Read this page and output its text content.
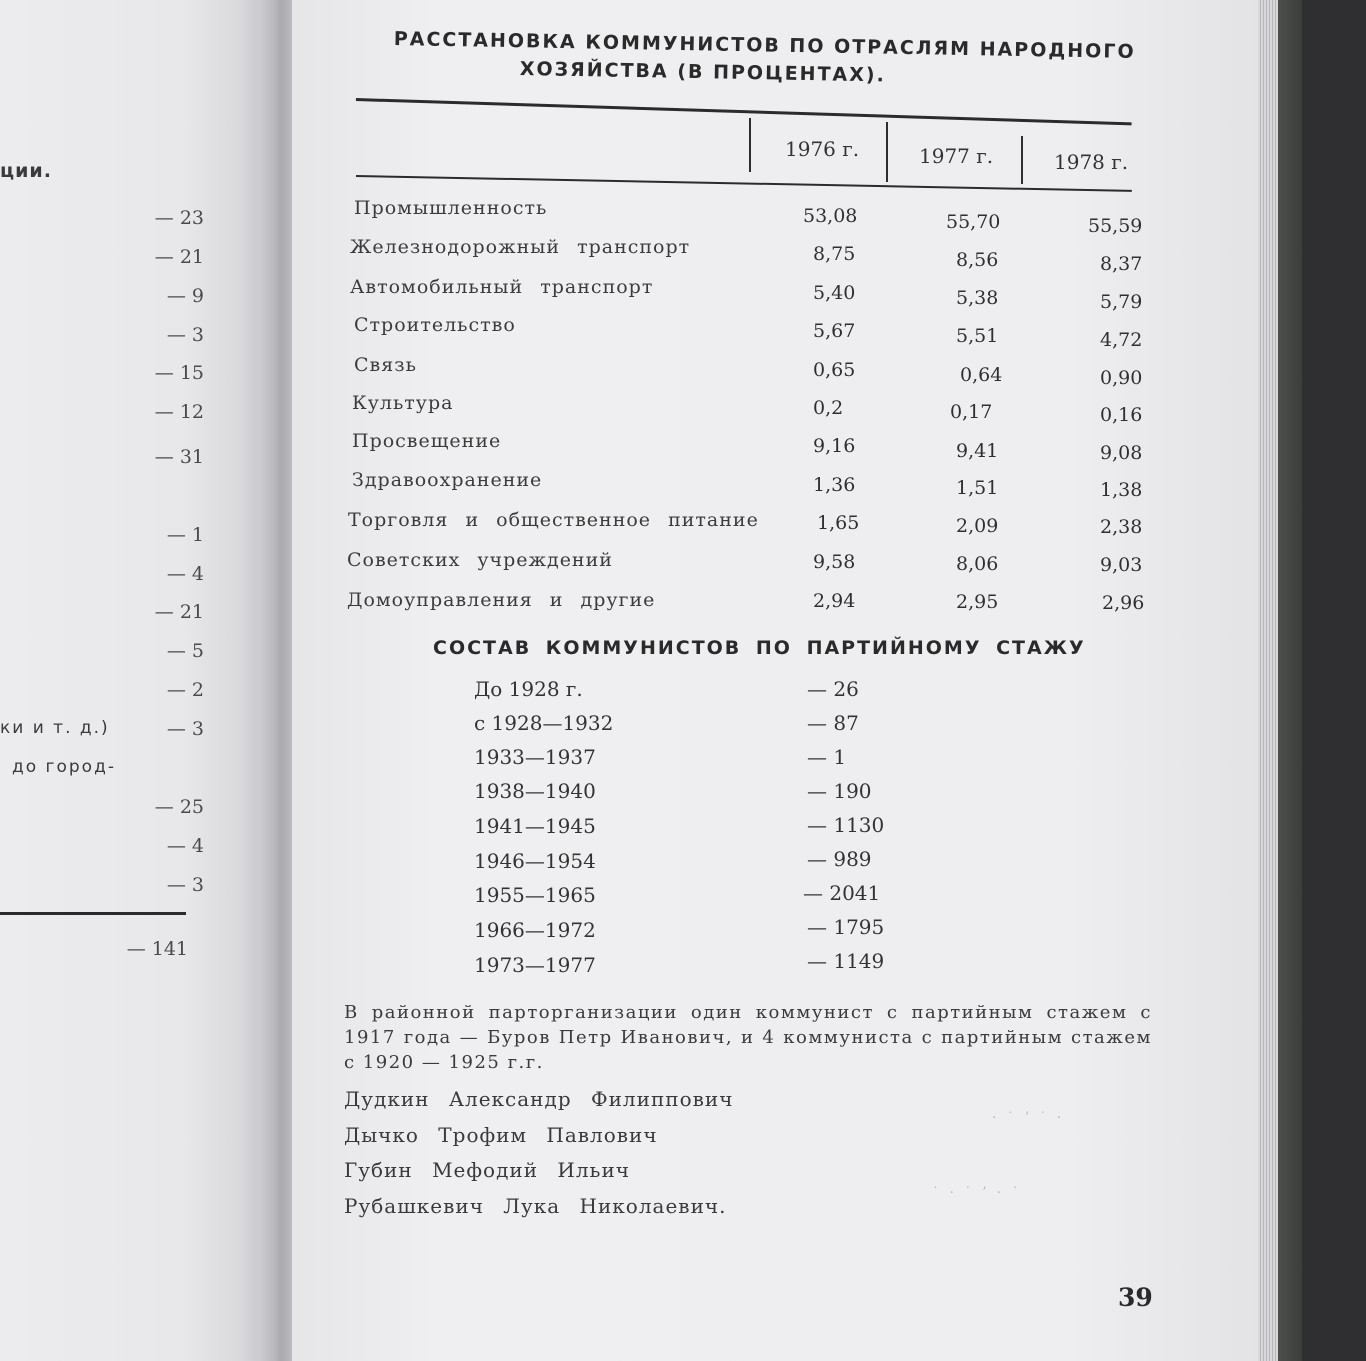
ции.
— 23
— 21
— 9
— 3
— 15
— 12
— 31
— 1
— 4
— 21
— 5
— 2
ки и т. д.)	— 3
до город-
— 25
— 4
— 3
— 141
РАССТАНОВКА КОММУНИСТОВ ПО ОТРАСЛЯМ НАРОДНОГО
ХОЗЯЙСТВА (В ПРОЦЕНТАХ).
1976 г.	1977 г.	1978 г.
Промышленность	53,08	55,70	55,59
Железнодорожный транспорт	8,75	8,56	8,37
Автомобильный транспорт	5,40	5,38	5,79
Строительство	5,67	5,51	4,72
Связь	0,65	0,64	0,90
Культура	0,2	0,17	0,16
Просвещение	9,16	9,41	9,08
Здравоохранение	1,36	1,51	1,38
Торговля и общественное питание	1,65	2,09	2,38
Советских учреждений	9,58	8,06	9,03
Домоуправления и другие	2,94	2,95	2,96
СОСТАВ КОММУНИСТОВ ПО ПАРТИЙНОМУ СТАЖУ
До 1928 г.	— 26
с 1928—1932	— 87
1933—1937	— 1
1938—1940	— 190
1941—1945	— 1130
1946—1954	— 989
1955—1965	— 2041
1966—1972	— 1795
1973—1977	— 1149
В районной парторганизации один коммунист с партийным стажем с 1917 года — Буров Петр Иванович, и 4 коммуниста с партийным стажем с 1920 — 1925 г.г.
Дудкин Александр Филиппович
Дычко Трофим Павлович
Губин Мефодий Ильич
Рубашкевич Лука Николаевич.
· ˙ ʼ ˙ ·
˙ · ˙ ʼ · ˙
39
